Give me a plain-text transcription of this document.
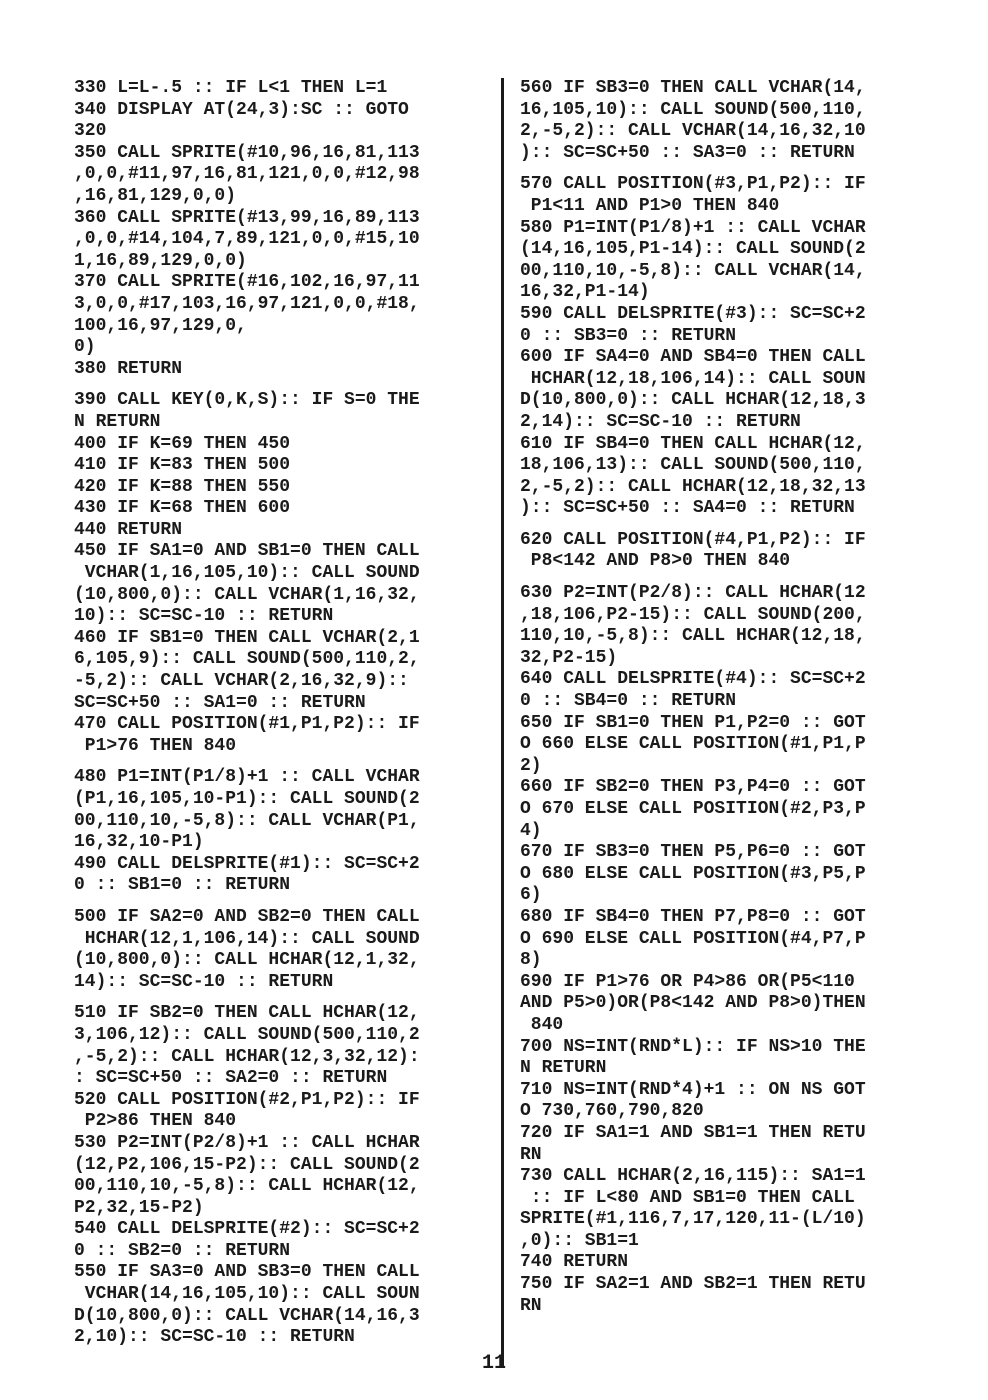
330 L=L-.5 :: IF L<1 THEN L=1
340 DISPLAY AT(24,3):SC :: GOTO
320
350 CALL SPRITE(#10,96,16,81,113
,0,0,#11,97,16,81,121,0,0,#12,98
,16,81,129,0,0)
360 CALL SPRITE(#13,99,16,89,113
,0,0,#14,104,7,89,121,0,0,#15,10
1,16,89,129,0,0)
370 CALL SPRITE(#16,102,16,97,11
3,0,0,#17,103,16,97,121,0,0,#18,
100,16,97,129,0,
0)
380 RETURN
390 CALL KEY(0,K,S):: IF S=0 THE
N RETURN
400 IF K=69 THEN 450
410 IF K=83 THEN 500
420 IF K=88 THEN 550
430 IF K=68 THEN 600
440 RETURN
450 IF SA1=0 AND SB1=0 THEN CALL
VCHAR(1,16,105,10):: CALL SOUND
(10,800,0):: CALL VCHAR(1,16,32,
10):: SC=SC-10 :: RETURN
460 IF SB1=0 THEN CALL VCHAR(2,1
6,105,9):: CALL SOUND(500,110,2,
-5,2):: CALL VCHAR(2,16,32,9)::
SC=SC+50 :: SA1=0 :: RETURN
470 CALL POSITION(#1,P1,P2):: IF
P1>76 THEN 840
480 P1=INT(P1/8)+1 :: CALL VCHAR
(P1,16,105,10-P1):: CALL SOUND(2
00,110,10,-5,8):: CALL VCHAR(P1,
16,32,10-P1)
490 CALL DELSPRITE(#1):: SC=SC+2
0 :: SB1=0 :: RETURN
500 IF SA2=0 AND SB2=0 THEN CALL
HCHAR(12,1,106,14):: CALL SOUND
(10,800,0):: CALL HCHAR(12,1,32,
14):: SC=SC-10 :: RETURN
510 IF SB2=0 THEN CALL HCHAR(12,
3,106,12):: CALL SOUND(500,110,2
,-5,2):: CALL HCHAR(12,3,32,12):
: SC=SC+50 :: SA2=0 :: RETURN
520 CALL POSITION(#2,P1,P2):: IF
P2>86 THEN 840
530 P2=INT(P2/8)+1 :: CALL HCHAR
(12,P2,106,15-P2):: CALL SOUND(2
00,110,10,-5,8):: CALL HCHAR(12,
P2,32,15-P2)
540 CALL DELSPRITE(#2):: SC=SC+2
0 :: SB2=0 :: RETURN
550 IF SA3=0 AND SB3=0 THEN CALL
VCHAR(14,16,105,10):: CALL SOUN
D(10,800,0):: CALL VCHAR(14,16,3
2,10):: SC=SC-10 :: RETURN
560 IF SB3=0 THEN CALL VCHAR(14,
16,105,10):: CALL SOUND(500,110,
2,-5,2):: CALL VCHAR(14,16,32,10
):: SC=SC+50 :: SA3=0 :: RETURN
570 CALL POSITION(#3,P1,P2):: IF
P1<11 AND P1>0 THEN 840
580 P1=INT(P1/8)+1 :: CALL VCHAR
(14,16,105,P1-14):: CALL SOUND(2
00,110,10,-5,8):: CALL VCHAR(14,
16,32,P1-14)
590 CALL DELSPRITE(#3):: SC=SC+2
0 :: SB3=0 :: RETURN
600 IF SA4=0 AND SB4=0 THEN CALL
HCHAR(12,18,106,14):: CALL SOUN
D(10,800,0):: CALL HCHAR(12,18,3
2,14):: SC=SC-10 :: RETURN
610 IF SB4=0 THEN CALL HCHAR(12,
18,106,13):: CALL SOUND(500,110,
2,-5,2):: CALL HCHAR(12,18,32,13
):: SC=SC+50 :: SA4=0 :: RETURN
620 CALL POSITION(#4,P1,P2):: IF
P8<142 AND P8>0 THEN 840
630 P2=INT(P2/8):: CALL HCHAR(12
,18,106,P2-15):: CALL SOUND(200,
110,10,-5,8):: CALL HCHAR(12,18,
32,P2-15)
640 CALL DELSPRITE(#4):: SC=SC+2
0 :: SB4=0 :: RETURN
650 IF SB1=0 THEN P1,P2=0 :: GOT
O 660 ELSE CALL POSITION(#1,P1,P
2)
660 IF SB2=0 THEN P3,P4=0 :: GOT
O 670 ELSE CALL POSITION(#2,P3,P
4)
670 IF SB3=0 THEN P5,P6=0 :: GOT
O 680 ELSE CALL POSITION(#3,P5,P
6)
680 IF SB4=0 THEN P7,P8=0 :: GOT
O 690 ELSE CALL POSITION(#4,P7,P
8)
690 IF P1>76 OR P4>86 OR(P5<110
AND P5>0)OR(P8<142 AND P8>0)THEN
840
700 NS=INT(RND*L):: IF NS>10 THE
N RETURN
710 NS=INT(RND*4)+1 :: ON NS GOT
O 730,760,790,820
720 IF SA1=1 AND SB1=1 THEN RETU
RN
730 CALL HCHAR(2,16,115):: SA1=1
:: IF L<80 AND SB1=0 THEN CALL
SPRITE(#1,116,7,17,120,11-(L/10)
,0):: SB1=1
740 RETURN
750 IF SA2=1 AND SB2=1 THEN RETU
RN
11
